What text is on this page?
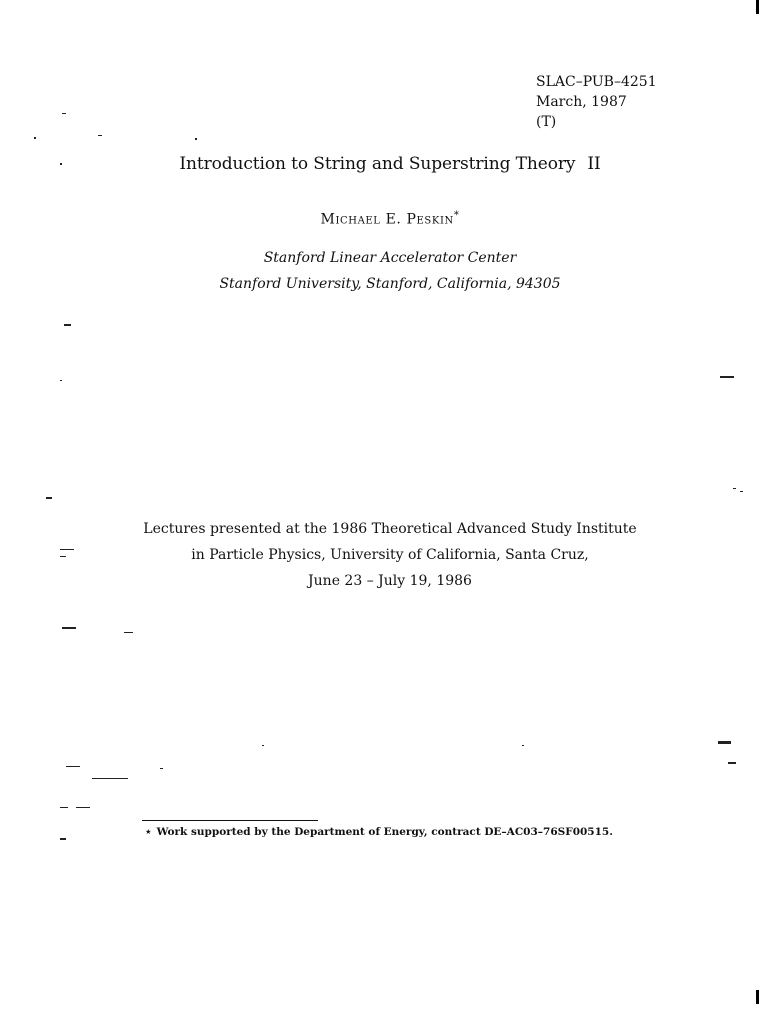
SLAC–PUB–4251
March, 1987
(T)
Introduction to String and Superstring Theory II
Michael E. Peskin*
Stanford Linear Accelerator Center
Stanford University, Stanford, California, 94305
Lectures presented at the 1986 Theoretical Advanced Study Institute
in Particle Physics, University of California, Santa Cruz,
June 23 – July 19, 1986
⋆ Work supported by the Department of Energy, contract DE–AC03–76SF00515.
